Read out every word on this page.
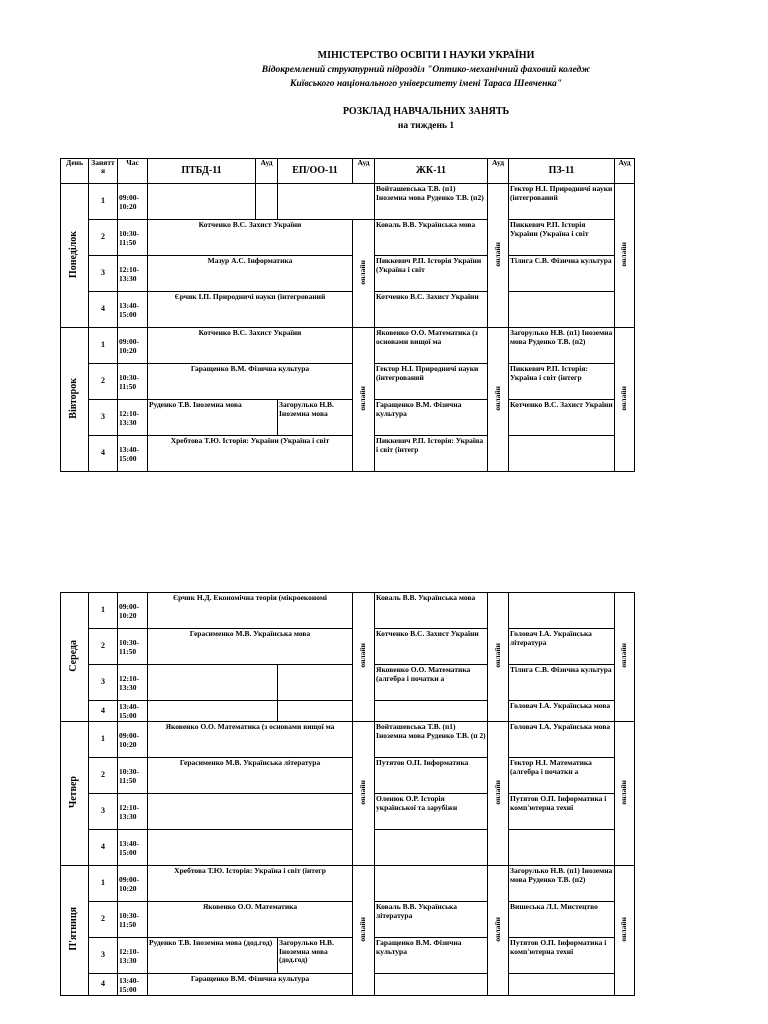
МІНІСТЕРСТВО ОСВІТИ І НАУКИ УКРАЇНИ
Відокремлений структурний підрозділ "Оптико-механічний фаховий коледж
Київського національного університету імені Тараса Шевченка"
РОЗКЛАД НАВЧАЛЬНИХ ЗАНЯТЬ
на тиждень 1
День	Занятт я	Час	ПТБД-11	Ауд	ЕП/ОО-11	Ауд	ЖК-11	Ауд	ПЗ-11	Ауд
Понеділок	1	09:00-10:20					Войташевська Т.В. (п1) Іноземна мова Руденко Т.В. (п2)	онлайн	Гектор Н.І. Природничі науки (інтегрований	онлайн
	2	10:30-11:50	Котченко В.С. Захист України			онлайн	Коваль В.В. Українська мова		Пиккевич Р.П. Історія України (Україна і світ	
	3	12:10-13:30	Мазур А.С. Інформатика				Пиккевич Р.П. Історія України (Україна і світ		Тілига С.В. Фізична культура	
	4	13:40-15:00	Єрчик І.П. Природничі науки (інтегрований				Котченко В.С. Захист України			
Вівторок	1	09:00-10:20	Котченко В.С. Захист України			онлайн	Яковенко О.О. Математика (з основами вищої ма	онлайн	Загорулько Н.В. (п1) Іноземна мова Руденко Т.В. (п2)	онлайн
	2	10:30-11:50	Гаращенко В.М. Фізична культура				Гектор Н.І. Природничі науки (інтегрований		Пиккевич Р.П. Історія: Україна і світ (інтегр	
	3	12:10-13:30	Руденко Т.В. Іноземна мова		Загорулько Н.В. Іноземна мова		Гаращенко В.М. Фізична культура		Котченко В.С. Захист України	
	4	13:40-15:00	Хребтова Т.Ю. Історія: України (Україна і світ				Пиккевич Р.П. Історія: Україна і світ (інтегр			
Середа	1	09:00-10:20	Єрчик Н.Д. Економічна теорія (мікроекономі		онлайн	Коваль В.В. Українська мова	онлайн		онлайн
	2	10:30-11:50	Герасименко М.В. Українська мова			Котченко В.С. Захист України		Головач І.А. Українська література	
	3	12:10-13:30				Яковенко О.О. Математика (алгебра і початки а		Тілига С.В. Фізична культура	
	4	13:40-15:00						Головач І.А. Українська мова	
Четвер	1	09:00-10:20	Яковенко О.О. Математика (з основами вищої ма		онлайн	Войташевська Т.В. (п1) Іноземна мова Руденко Т.В. (п 2)	онлайн	Головач І.А. Українська мова	онлайн
	2	10:30-11:50	Герасименко М.В. Українська література			Путятов О.П. Інформатика		Гектор Н.І. Математика (алгебра і початки а	
	3	12:10-13:30				Оленюк О.Р. Історія української та зарубіжн		Путятов О.П. Інформатика і комп'ютерна техні	
	4	13:40-15:00							
П'ятниця	1	09:00-10:20	Хребтова Т.Ю. Історія: Україна і світ (інтегр		онлайн		онлайн	Загорулько Н.В. (п1) Іноземна мова Руденко Т.В. (п2)	онлайн
	2	10:30-11:50	Яковенко О.О. Математика			Коваль В.В. Українська література		Вишеська Л.І. Мистецтво	
	3	12:10-13:30	Руденко Т.В. Іноземна мова (дод.год)	Загорулько Н.В. Іноземна мова (дод.год)		Гаращенко В.М. Фізична культура		Путятов О.П. Інформатика і комп'ютерна техні	
	4	13:40-15:00	Гаращенко В.М. Фізична культура						
